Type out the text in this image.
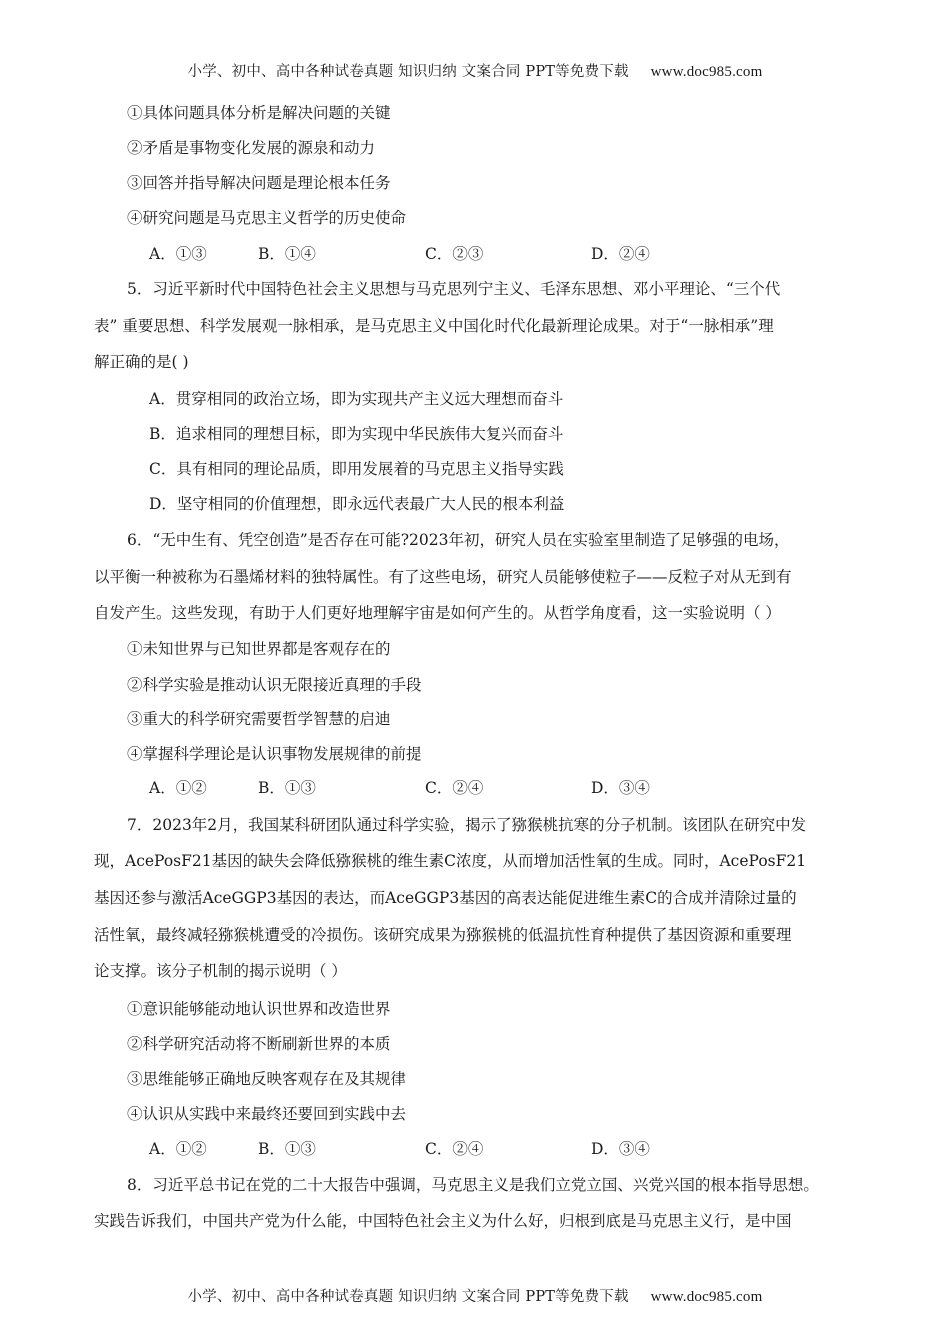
小学、初中、高中各种试卷真题 知识归纳 文案合同 PPT等免费下载 www.doc985.com
①具体问题具体分析是解决问题的关键
②矛盾是事物变化发展的源泉和动力
③回答并指导解决问题是理论根本任务
④研究问题是马克思主义哲学的历史使命
A．①③	B．①④	C．②③	D．②④
5．习近平新时代中国特色社会主义思想与马克思列宁主义、毛泽东思想、邓小平理论、“三个代
表” 重要思想、科学发展观一脉相承，是马克思主义中国化时代化最新理论成果。对于“一脉相承”理
解正确的是( )
A．贯穿相同的政治立场，即为实现共产主义远大理想而奋斗
B．追求相同的理想目标，即为实现中华民族伟大复兴而奋斗
C．具有相同的理论品质，即用发展着的马克思主义指导实践
D．坚守相同的价值理想，即永远代表最广大人民的根本利益
6．“无中生有、凭空创造”是否存在可能?2023年初，研究人员在实验室里制造了足够强的电场，
以平衡一种被称为石墨烯材料的独特属性。有了这些电场，研究人员能够使粒子——反粒子对从无到有
自发产生。这些发现，有助于人们更好地理解宇宙是如何产生的。从哲学角度看，这一实验说明（ ）
①未知世界与已知世界都是客观存在的
②科学实验是推动认识无限接近真理的手段
③重大的科学研究需要哲学智慧的启迪
④掌握科学理论是认识事物发展规律的前提
A．①②	B．①③	C．②④	D．③④
7．2023年2月，我国某科研团队通过科学实验，揭示了猕猴桃抗寒的分子机制。该团队在研究中发
现，AcePosF21基因的缺失会降低猕猴桃的维生素C浓度，从而增加活性氧的生成。同时，AcePosF21
基因还参与激活AceGGP3基因的表达，而AceGGP3基因的高表达能促进维生素C的合成并清除过量的
活性氧，最终减轻猕猴桃遭受的冷损伤。该研究成果为猕猴桃的低温抗性育种提供了基因资源和重要理
论支撑。该分子机制的揭示说明（ ）
①意识能够能动地认识世界和改造世界
②科学研究活动将不断刷新世界的本质
③思维能够正确地反映客观存在及其规律
④认识从实践中来最终还要回到实践中去
A．①②	B．①③	C．②④	D．③④
8．习近平总书记在党的二十大报告中强调，马克思主义是我们立党立国、兴党兴国的根本指导思想。
实践告诉我们，中国共产党为什么能，中国特色社会主义为什么好，归根到底是马克思主义行，是中国
小学、初中、高中各种试卷真题 知识归纳 文案合同 PPT等免费下载 www.doc985.com
